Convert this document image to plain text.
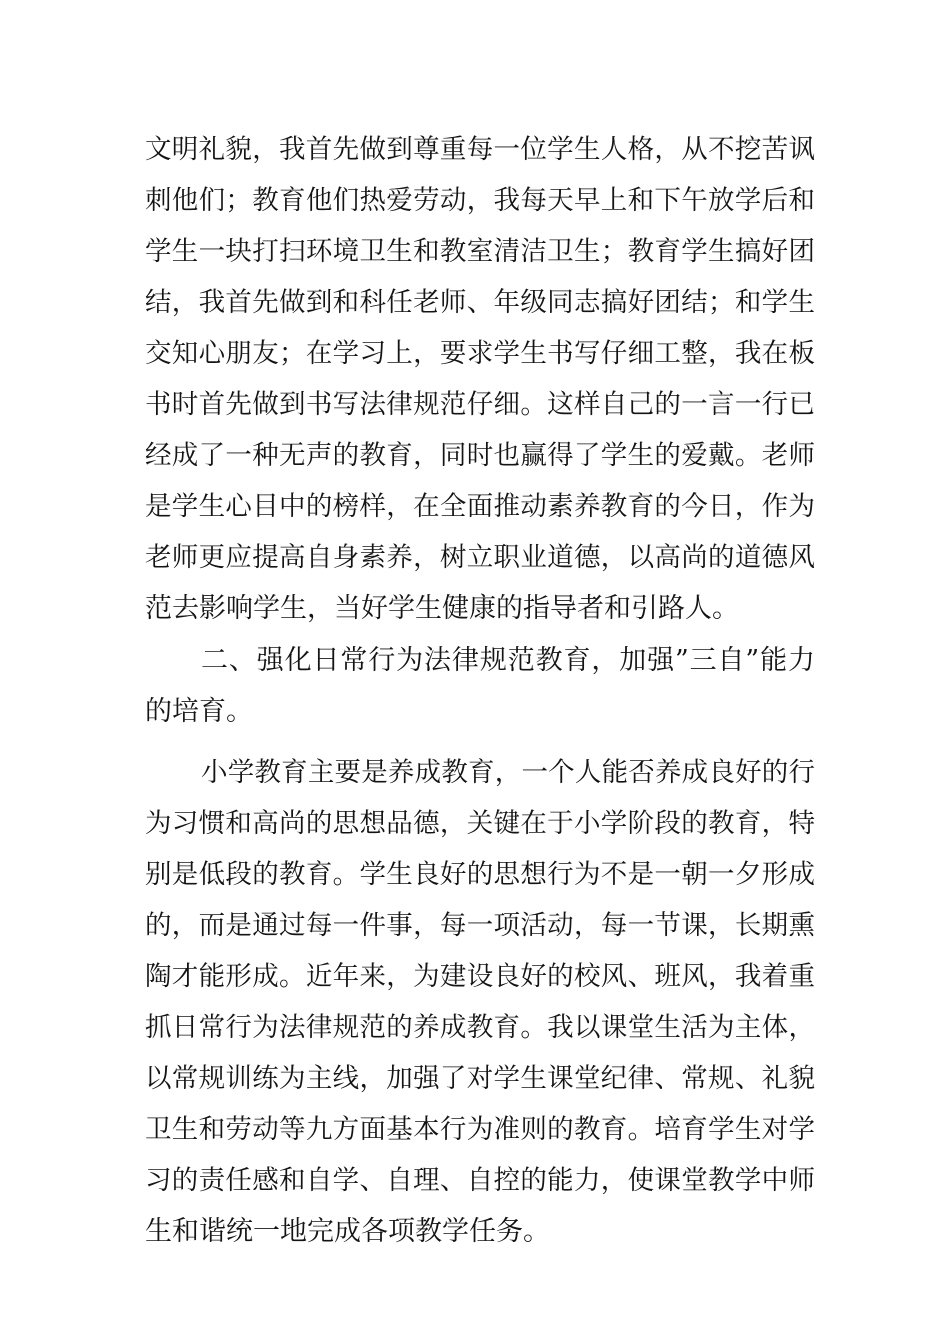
文明礼貌，我首先做到尊重每一位学生人格，从不挖苦讽
刺他们；教育他们热爱劳动，我每天早上和下午放学后和
学生一块打扫环境卫生和教室清洁卫生；教育学生搞好团
结，我首先做到和科任老师、年级同志搞好团结；和学生
交知心朋友；在学习上，要求学生书写仔细工整，我在板
书时首先做到书写法律规范仔细。这样自己的一言一行已
经成了一种无声的教育，同时也赢得了学生的爱戴。老师
是学生心目中的榜样，在全面推动素养教育的今日，作为
老师更应提高自身素养，树立职业道德，以高尚的道德风
范去影响学生，当好学生健康的指导者和引路人。
二、强化日常行为法律规范教育，加强”三自”能力
的培育。
小学教育主要是养成教育，一个人能否养成良好的行
为习惯和高尚的思想品德，关键在于小学阶段的教育，特
别是低段的教育。学生良好的思想行为不是一朝一夕形成
的，而是通过每一件事，每一项活动，每一节课，长期熏
陶才能形成。近年来，为建设良好的校风、班风，我着重
抓日常行为法律规范的养成教育。我以课堂生活为主体，
以常规训练为主线，加强了对学生课堂纪律、常规、礼貌
卫生和劳动等九方面基本行为准则的教育。培育学生对学
习的责任感和自学、自理、自控的能力，使课堂教学中师
生和谐统一地完成各项教学任务。
